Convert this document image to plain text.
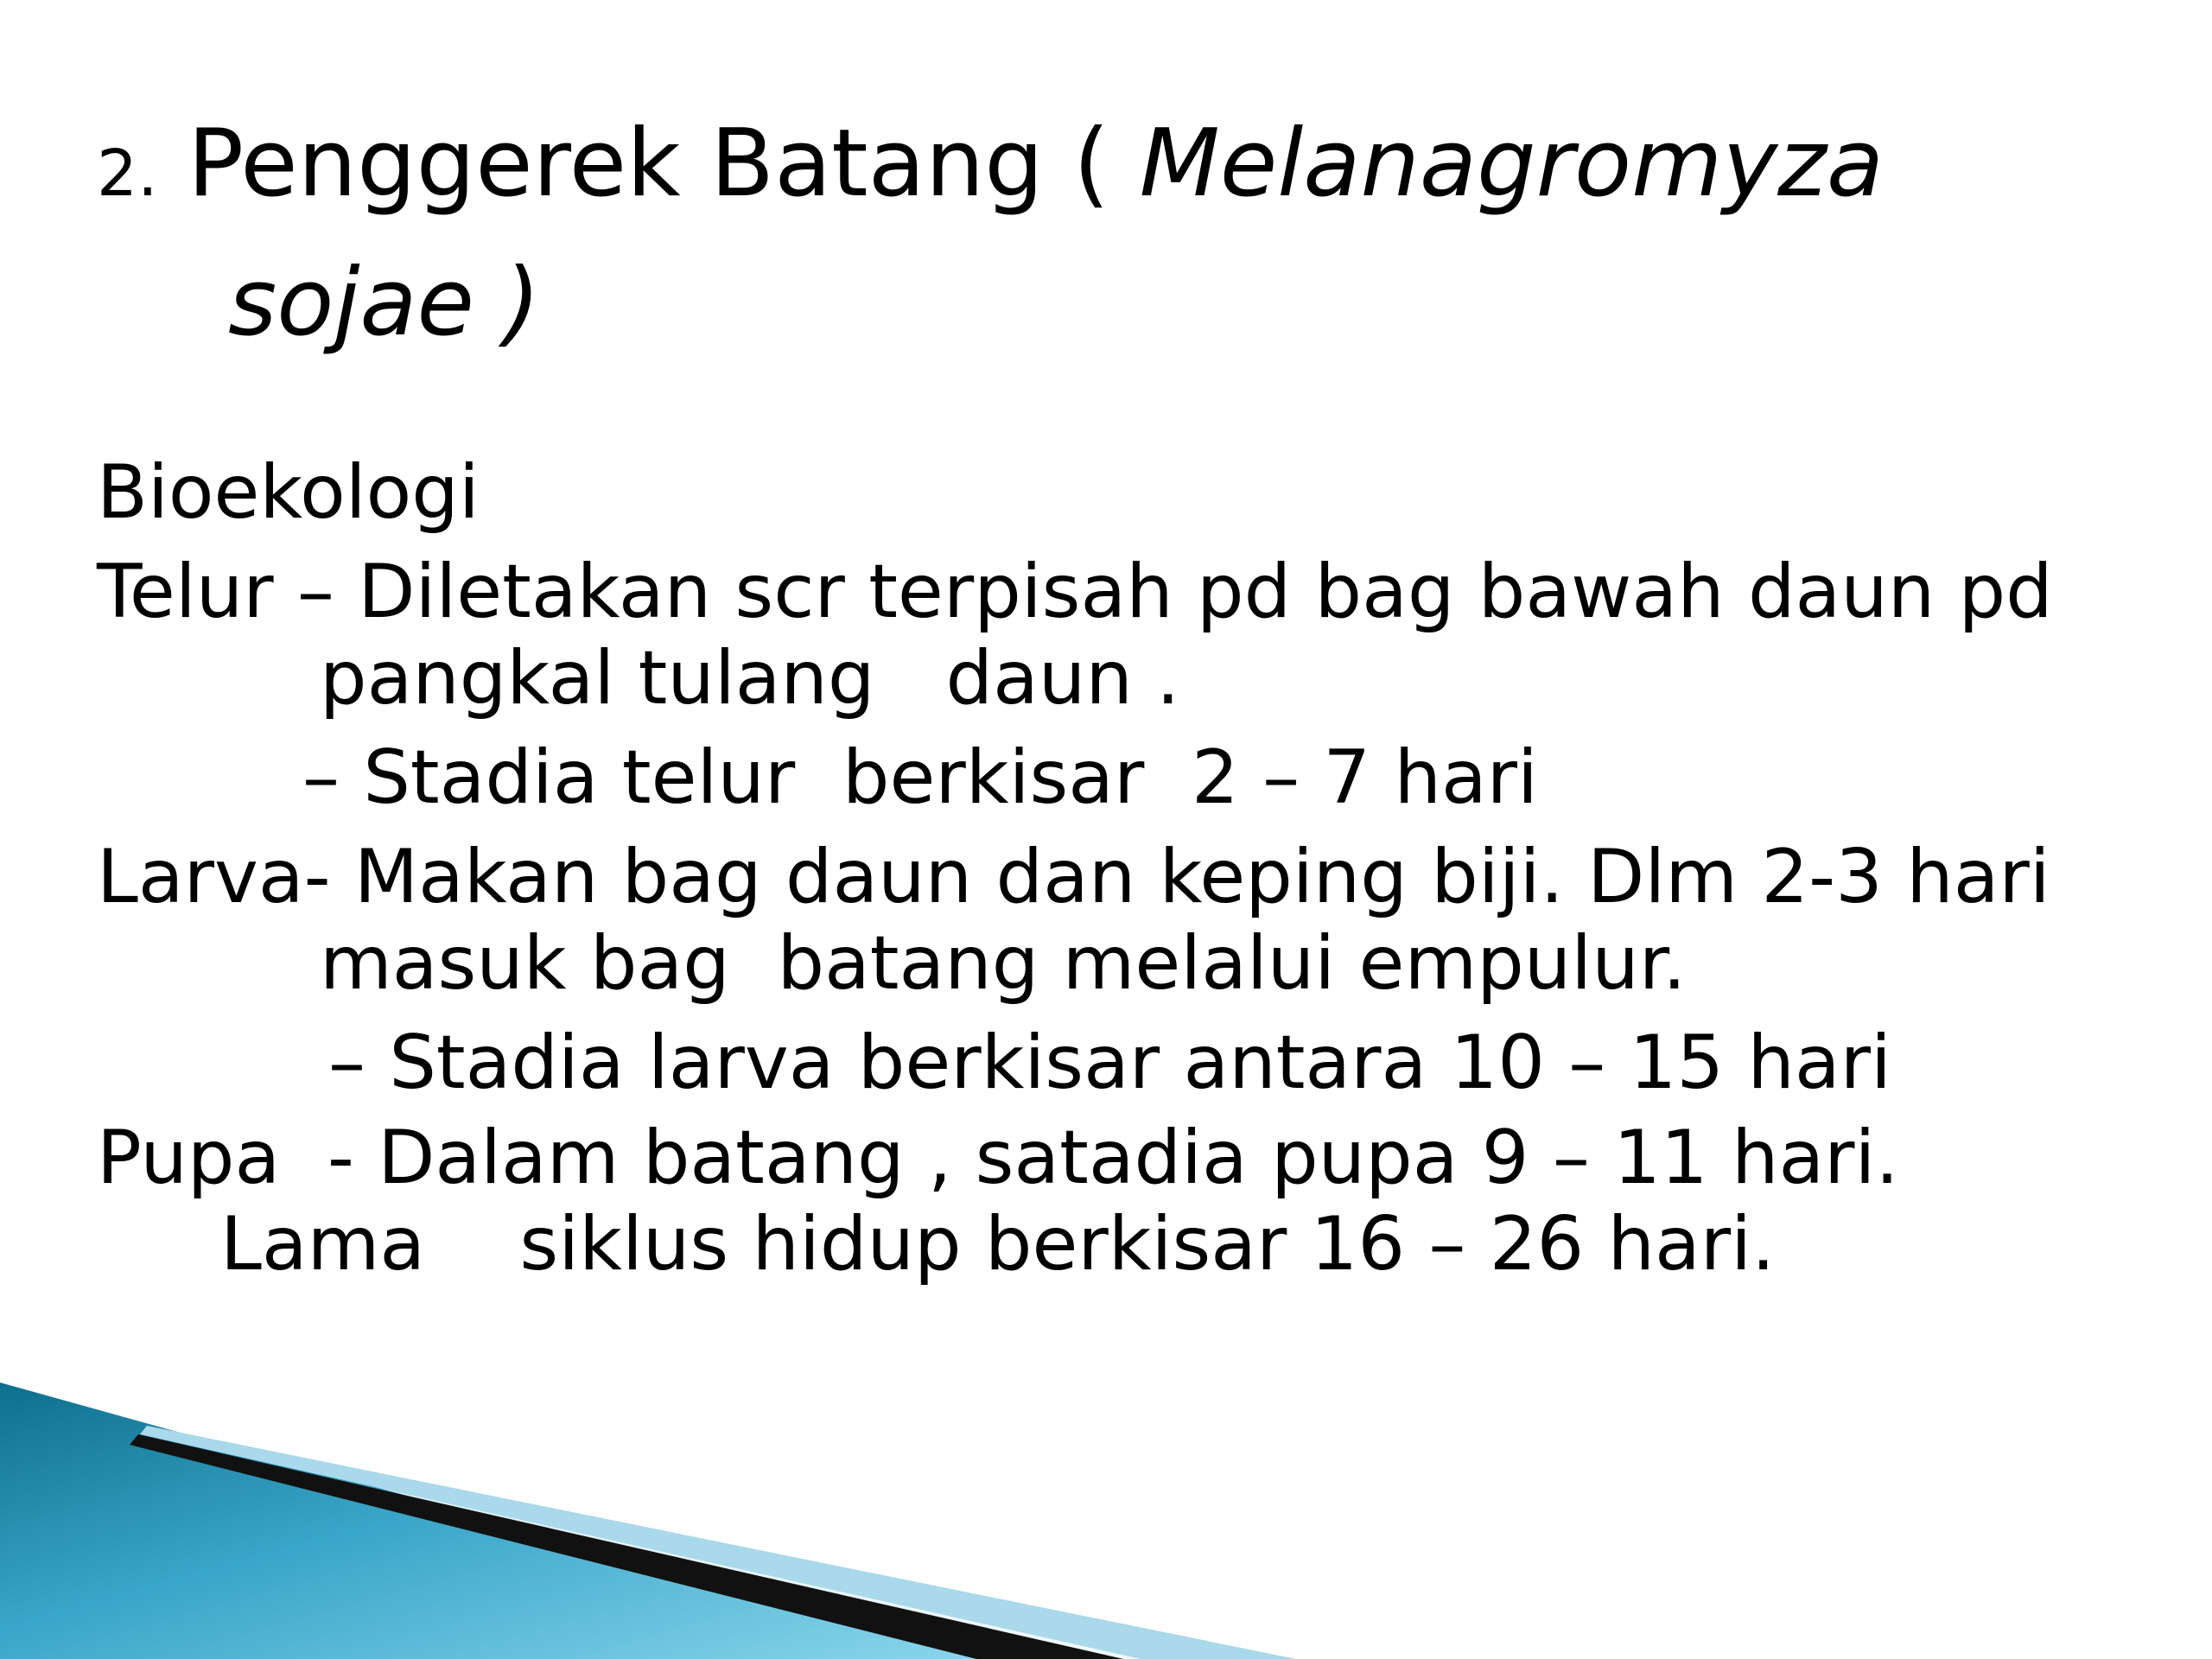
2. Penggerek Batang ( Melanagromyza
sojae )
Bioekologi
Telur – Diletakan scr terpisah pd bag bawah daun pd
pangkal tulang   daun .
– Stadia telur  berkisar  2 – 7 hari
Larva- Makan bag daun dan keping biji. Dlm 2-3 hari
masuk bag  batang melalui empulur.
– Stadia larva berkisar antara 10 – 15 hari
Pupa  - Dalam batang , satadia pupa 9 – 11 hari.
Lama    siklus hidup berkisar 16 – 26 hari.
